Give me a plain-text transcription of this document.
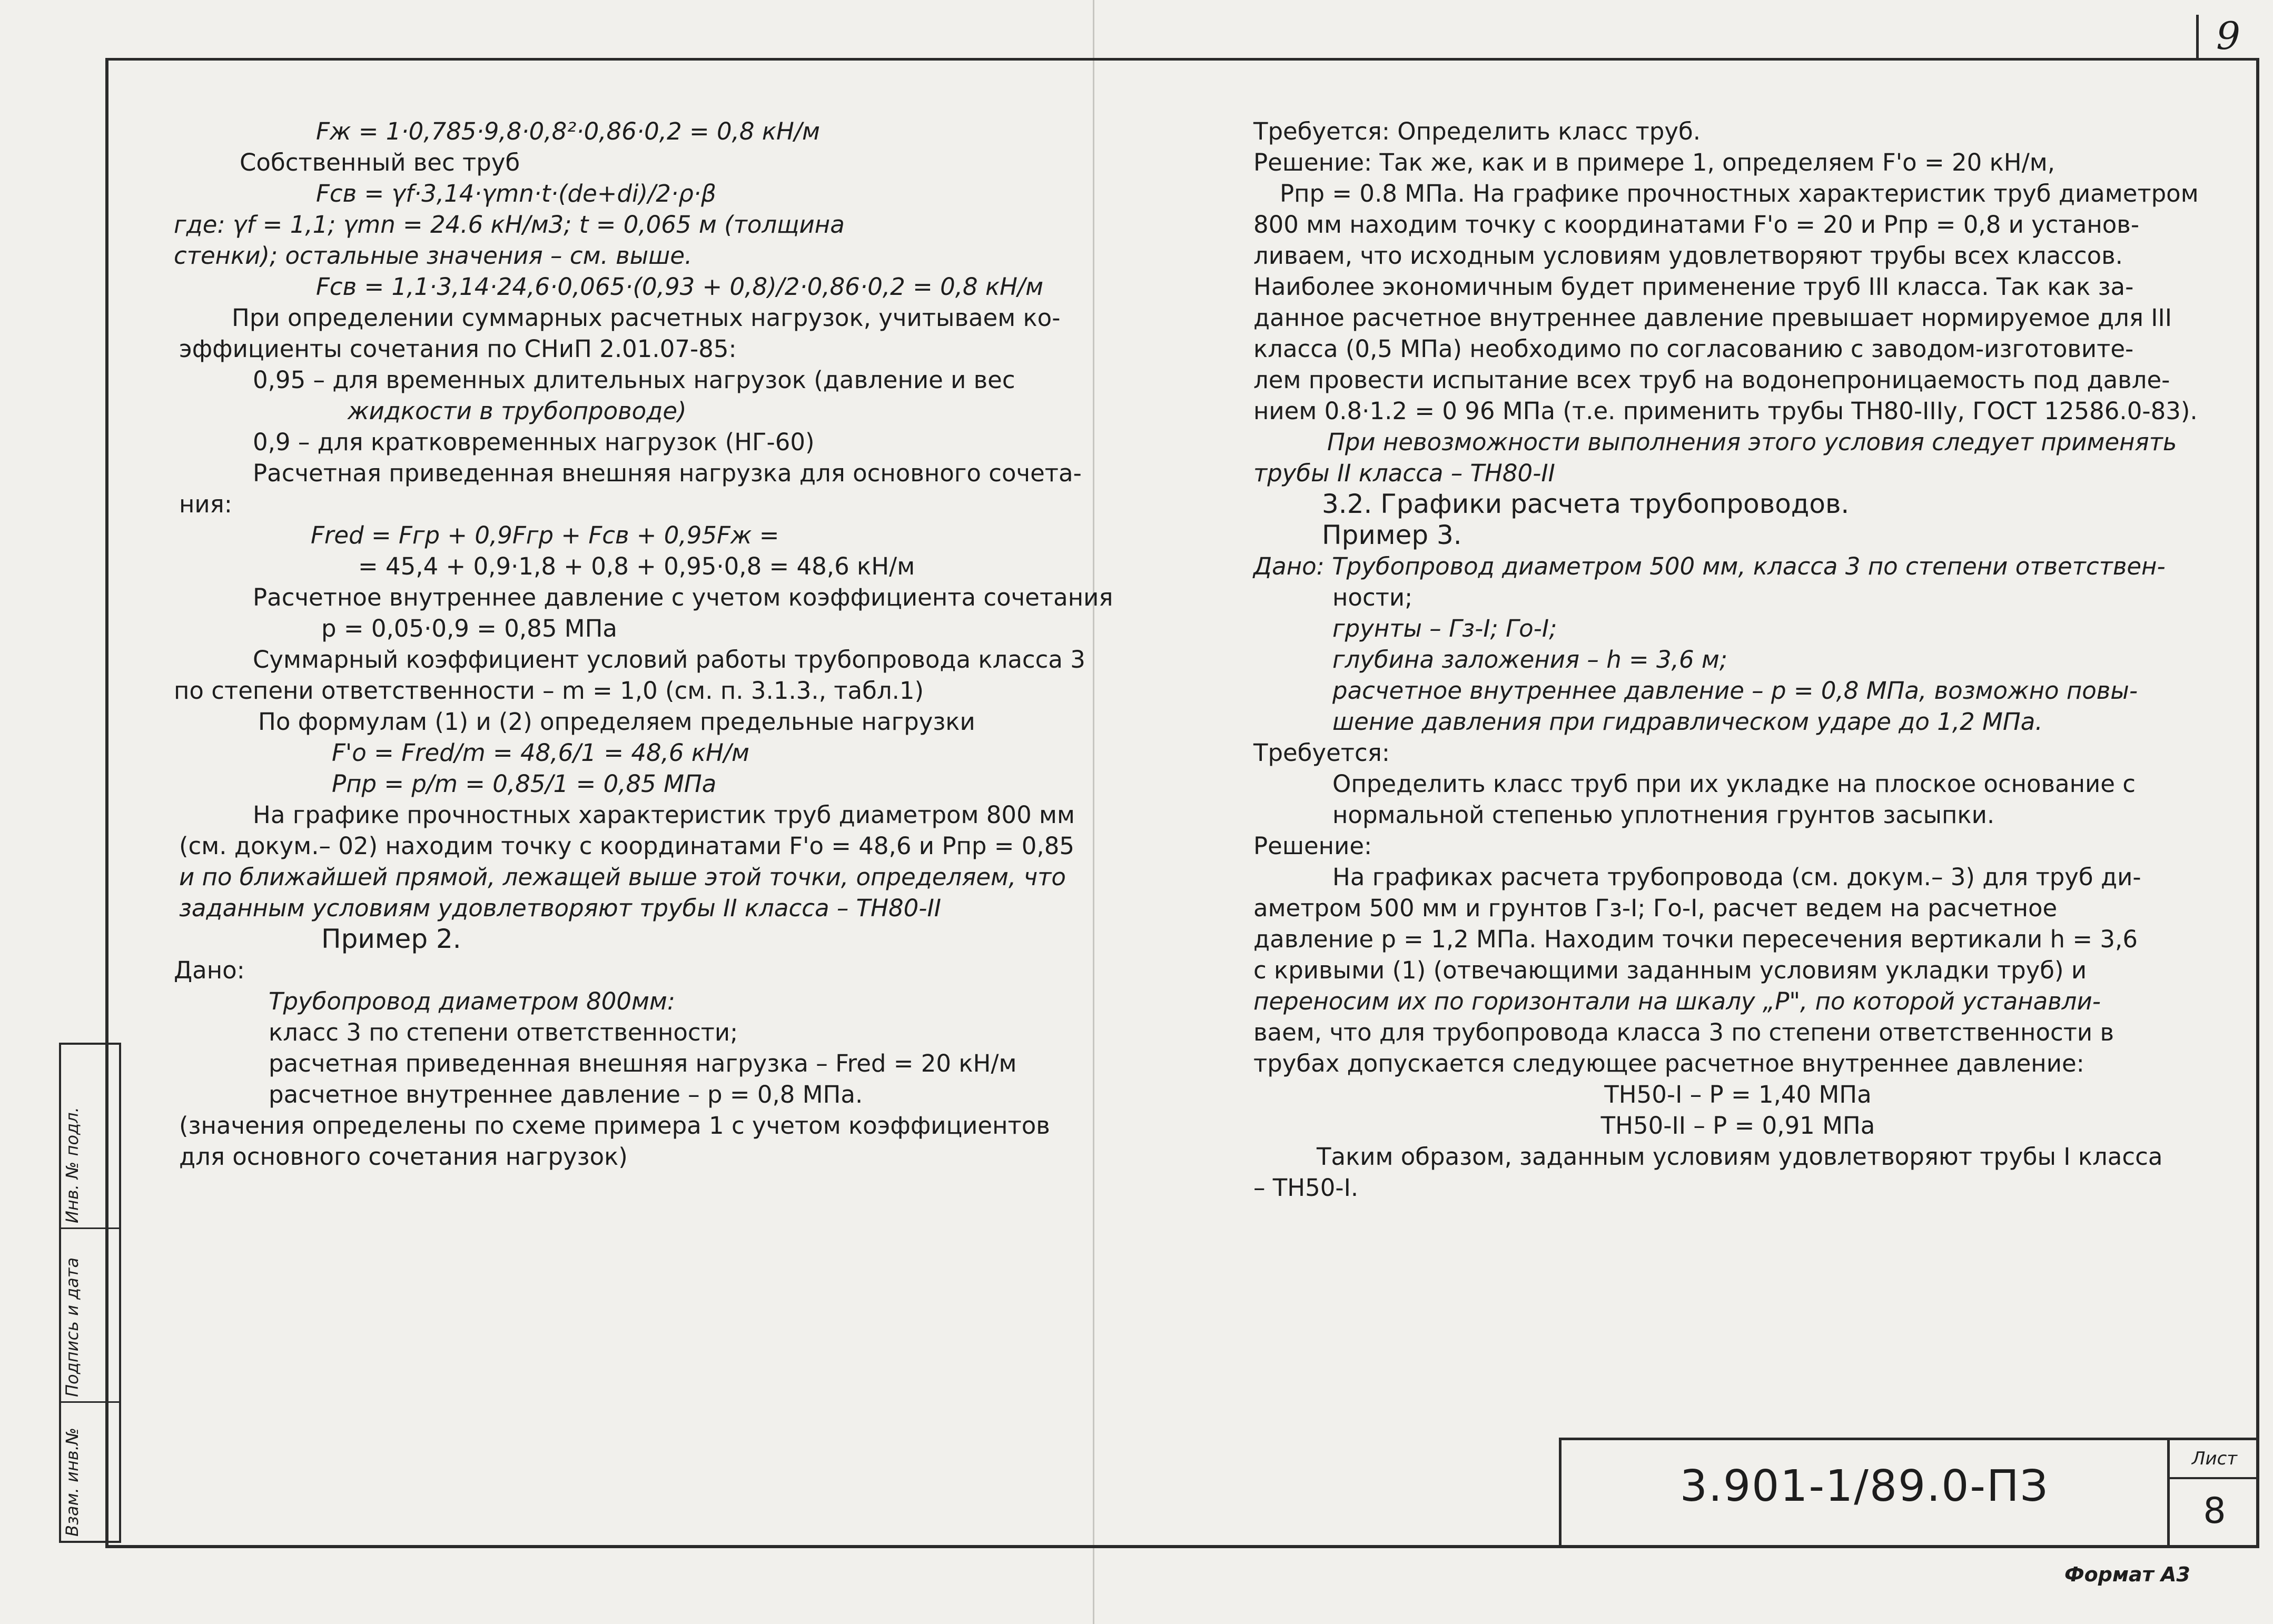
9
Инв. № подл.
Подпись и дата
Взам. инв.№

Fж = 1·0,785·9,8·0,8²·0,86·0,2 = 0,8 кН/м

Собственный вес труб

Fсв = γf·3,14·γmn·t·(de+di)/2·ρ·β

где: γf = 1,1; γmn = 24.6 кН/м3; t = 0,065 м (толщина

стенки); остальные значения – см. выше.

Fсв = 1,1·3,14·24,6·0,065·(0,93 + 0,8)/2·0,86·0,2 = 0,8 кН/м

При определении суммарных расчетных нагрузок, учитываем ко-

эффициенты сочетания по СНиП 2.01.07-85:

0,95 – для временных длительных нагрузок (давление и вес

жидкости в трубопроводе)

0,9 – для кратковременных нагрузок (НГ-60)

Расчетная приведенная внешняя нагрузка для основного сочета-

ния:

Fred = Fгр + 0,9Fгр + Fсв + 0,95Fж =

= 45,4 + 0,9·1,8 + 0,8 + 0,95·0,8 = 48,6 кН/м

Расчетное внутреннее давление с учетом коэффициента сочетания

p = 0,05·0,9 = 0,85 МПа

Суммарный коэффициент условий работы трубопровода класса 3

по степени ответственности – m = 1,0 (см. п. 3.1.3., табл.1)

По формулам (1) и (2) определяем предельные нагрузки

F'o = Fred/m = 48,6/1 = 48,6 кН/м

Pпр = p/m = 0,85/1 = 0,85 МПа

На графике прочностных характеристик труб диаметром 800 мм

(см. докум.– 02) находим точку с координатами F'o = 48,6 и Pпр = 0,85

и по ближайшей прямой, лежащей выше этой точки, определяем, что

заданным условиям удовлетворяют трубы II класса – ТН80-II

Пример 2.

Дано:

Трубопровод диаметром 800мм:

класс 3 по степени ответственности;

расчетная приведенная внешняя нагрузка – Fred = 20 кН/м

расчетное внутреннее давление – p = 0,8 МПа.

(значения определены по схеме примера 1 с учетом коэффициентов

для основного сочетания нагрузок)

Требуется: Определить класс труб.

Решение: Так же, как и в примере 1, определяем F'o = 20 кН/м,

Pпр = 0.8 МПа. На графике прочностных характеристик труб диаметром

800 мм находим точку с координатами F'o = 20 и Pпр = 0,8 и установ-

ливаем, что исходным условиям удовлетворяют трубы всех классов.

Наиболее экономичным будет применение труб III класса. Так как за-

данное расчетное внутреннее давление превышает нормируемое для III

класса (0,5 МПа) необходимо по согласованию с заводом-изготовите-

лем провести испытание всех труб на водонепроницаемость под давле-

нием 0.8·1.2 = 0 96 МПа (т.е. применить трубы ТН80-IIIу, ГОСТ 12586.0-83).

При невозможности выполнения этого условия следует применять

трубы II класса – ТН80-II

3.2. Графики расчета трубопроводов.

Пример 3.

Дано: Трубопровод диаметром 500 мм, класса 3 по степени ответствен-

ности;

грунты – Гз-I; Го-I;

глубина заложения – h = 3,6 м;

расчетное внутреннее давление – p = 0,8 МПа, возможно повы-

шение давления при гидравлическом ударе до 1,2 МПа.

Требуется:

Определить класс труб при их укладке на плоское основание с

нормальной степенью уплотнения грунтов засыпки.

Решение:

На графиках расчета трубопровода (см. докум.– 3) для труб ди-

аметром 500 мм и грунтов Гз-I; Го-I, расчет ведем на расчетное

давление p = 1,2 МПа. Находим точки пересечения вертикали h = 3,6

с кривыми (1) (отвечающими заданным условиям укладки труб) и

переносим их по горизонтали на шкалу „P", по которой устанавли-

ваем, что для трубопровода класса 3 по степени ответственности в

трубах допускается следующее расчетное внутреннее давление:

ТН50-I – P = 1,40 МПа

ТН50-II – P = 0,91 МПа

Таким образом, заданным условиям удовлетворяют трубы I класса

– ТН50-I.

3.901-1/89.0-ПЗ
Лист
8
Формат А3
